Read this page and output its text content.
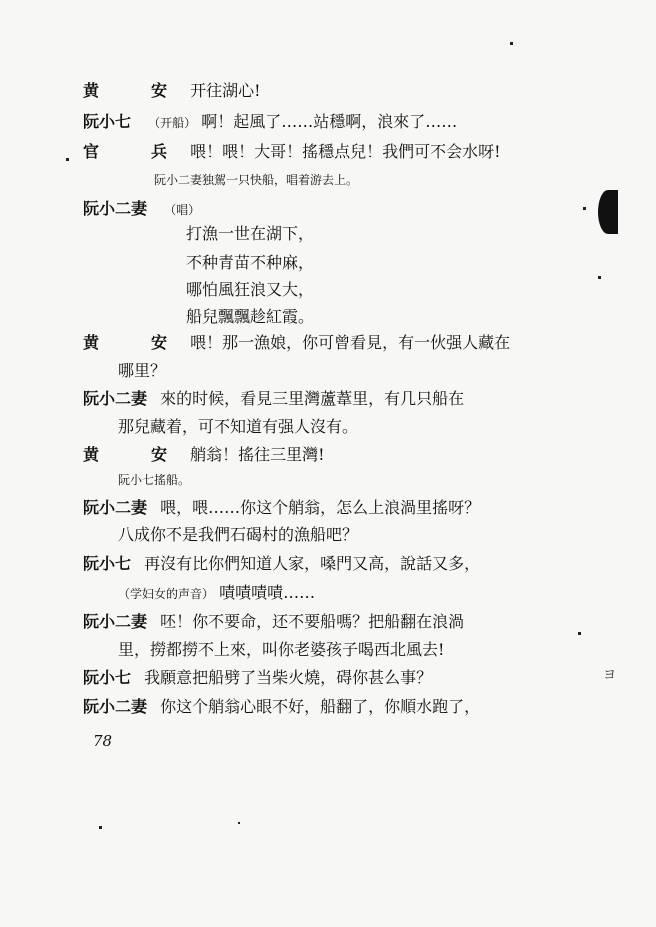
黄　安 开往湖心!
阮小七 （开船） 啊！起風了……站穩啊，浪來了……
官　兵 喂！喂！大哥！搖穩点兒！我們可不会水呀!
阮小二妻独駕一只快船，唱着游去上。
阮小二妻 （唱）
打漁一世在湖下，
不种青苗不种麻，
哪怕風狂浪又大，
船兒飄飄趁紅霞。
黄　安 喂！那一漁娘，你可曾看見，有一伙强人藏在
哪里？
阮小二妻 來的时候，看見三里灣蘆葦里，有几只船在
那兒藏着，可不知道有强人沒有。
黄　安 艄翁！搖往三里灣!
阮小七搖船。
阮小二妻 喂，喂……你这个艄翁，怎么上浪渦里搖呀？
八成你不是我們石碣村的漁船吧？
阮小七 再沒有比你們知道人家，嗓門又高，說話又多，
（学妇女的声音） 嘖嘖嘖嘖……
阮小二妻 呸！你不要命，还不要船嗎？把船翻在浪渦
里，撈都撈不上來，叫你老婆孩子喝西北風去!
阮小七 我願意把船劈了当柴火燒，碍你甚么事？
阮小二妻 你这个艄翁心眼不好，船翻了，你順水跑了，
78
ヨ
